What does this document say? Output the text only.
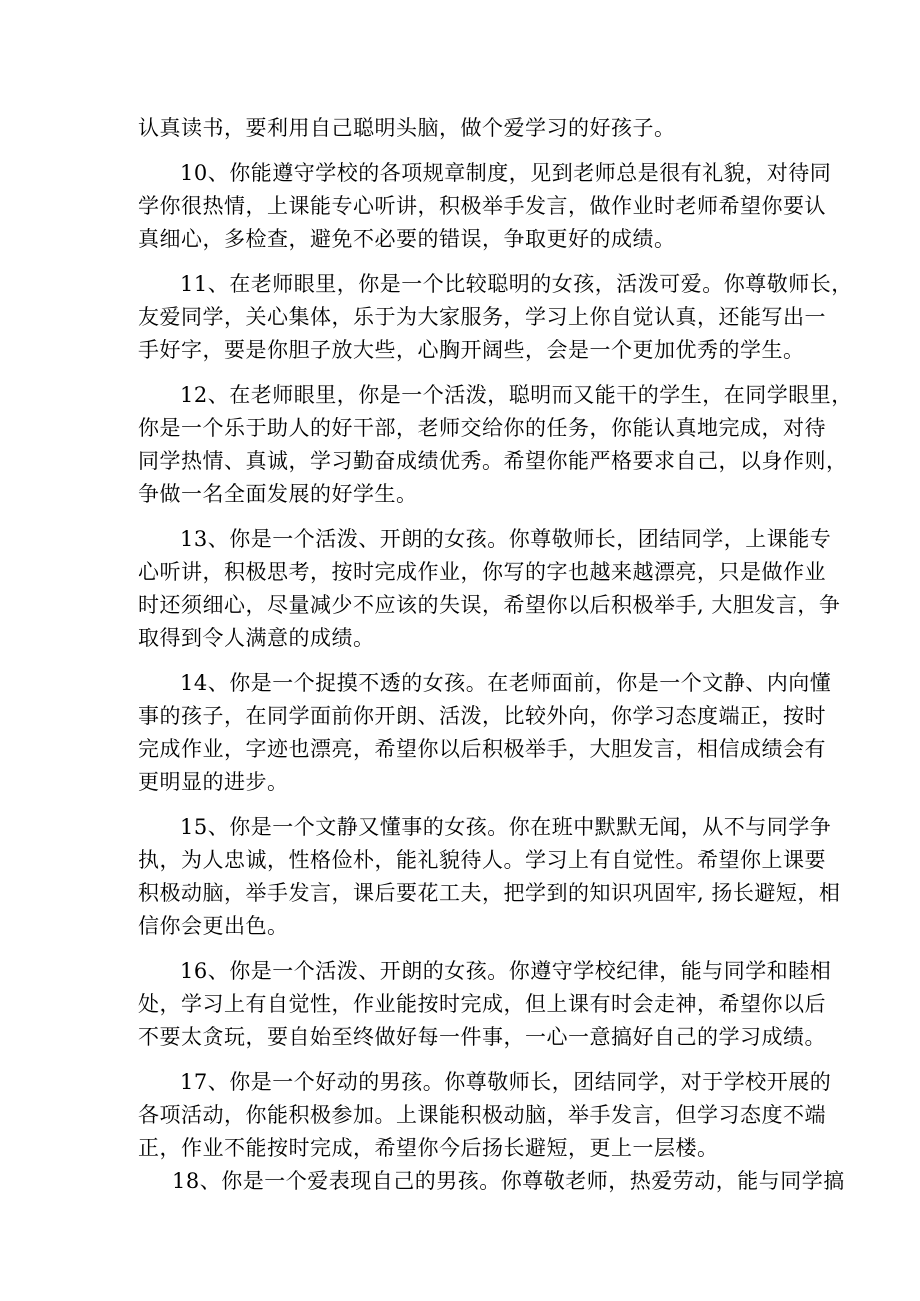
认真读书，要利用自己聪明头脑，做个爱学习的好孩子。
10、你能遵守学校的各项规章制度，见到老师总是很有礼貌，对待同
学你很热情，上课能专心听讲，积极举手发言，做作业时老师希望你要认
真细心，多检查，避免不必要的错误，争取更好的成绩。
11、在老师眼里，你是一个比较聪明的女孩，活泼可爱。你尊敬师长，
友爱同学，关心集体，乐于为大家服务，学习上你自觉认真，还能写出一
手好字，要是你胆子放大些，心胸开阔些，会是一个更加优秀的学生。
12、在老师眼里，你是一个活泼，聪明而又能干的学生，在同学眼里，
你是一个乐于助人的好干部，老师交给你的任务，你能认真地完成，对待
同学热情、真诚，学习勤奋成绩优秀。希望你能严格要求自己，以身作则，
争做一名全面发展的好学生。
13、你是一个活泼、开朗的女孩。你尊敬师长，团结同学，上课能专
心听讲，积极思考，按时完成作业，你写的字也越来越漂亮，只是做作业
时还须细心，尽量减少不应该的失误，希望你以后积极举手, 大胆发言，争
取得到令人满意的成绩。
14、你是一个捉摸不透的女孩。在老师面前，你是一个文静、内向懂
事的孩子，在同学面前你开朗、活泼，比较外向，你学习态度端正，按时
完成作业，字迹也漂亮，希望你以后积极举手，大胆发言，相信成绩会有
更明显的进步。
15、你是一个文静又懂事的女孩。你在班中默默无闻，从不与同学争
执，为人忠诚，性格俭朴，能礼貌待人。学习上有自觉性。希望你上课要
积极动脑，举手发言，课后要花工夫，把学到的知识巩固牢, 扬长避短，相
信你会更出色。
16、你是一个活泼、开朗的女孩。你遵守学校纪律，能与同学和睦相
处，学习上有自觉性，作业能按时完成，但上课有时会走神，希望你以后
不要太贪玩，要自始至终做好每一件事，一心一意搞好自己的学习成绩。
17、你是一个好动的男孩。你尊敬师长，团结同学，对于学校开展的
各项活动，你能积极参加。上课能积极动脑，举手发言，但学习态度不端
正，作业不能按时完成，希望你今后扬长避短，更上一层楼。
18、你是一个爱表现自己的男孩。你尊敬老师，热爱劳动，能与同学搞
